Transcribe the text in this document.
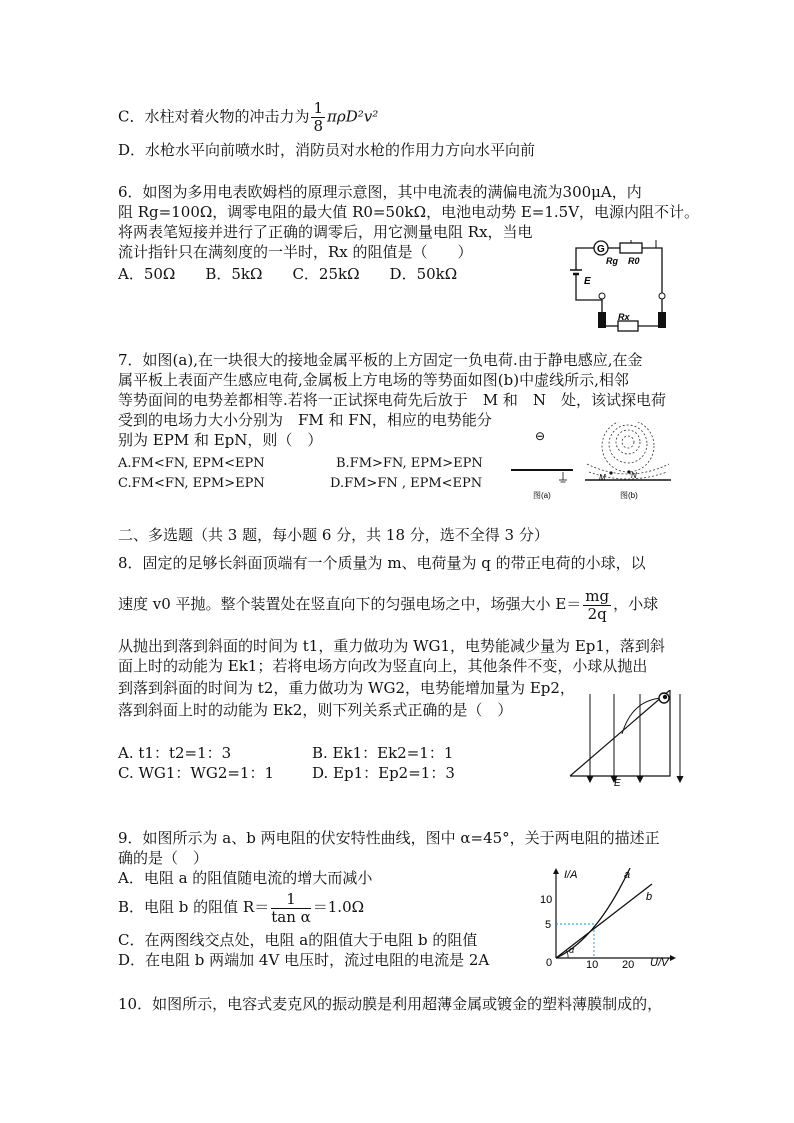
C．水柱对着火物的冲击力为 $\frac{1}{8} \pi\rho D^2v^2$
D．水枪水平向前喷水时，消防员对水枪的作用力方向水平向前
6．如图为多用电表欧姆档的原理示意图，其中电流表的满偏电流为300μA，内
阻 Rg=100Ω，调零电阻的最大值 R0=50kΩ，电池电动势 E=1.5V，电源内阻不计。
将两表笔短接并进行了正确的调零后，用它测量电阻 Rx，当电
流计指针只在满刻度的一半时，Rx 的阻值是（　　）
A．50Ω　　B．5kΩ　　C．25kΩ　　D．50kΩ
G
Rg R0
E
Rx
7．如图(a),在一块很大的接地金属平板的上方固定一负电荷.由于静电感应,在金
属平板上表面产生感应电荷,金属板上方电场的等势面如图(b)中虚线所示,相邻
等势面间的电势差都相等.若将一正试探电荷先后放于　M 和　N　处，该试探电荷
受到的电场力大小分别为　FM 和 FN，相应的电势能分
别为 EPM 和 EpN，则（　）
A.FM<FN, EPM<EPN	B.FM>FN, EPM>EPN
C.FM<FN, EPM>EPN	D.FM>FN , EPM<EPN
⊖
图(a)
M	N
图(b)
二、多选题（共 3 题，每小题 6 分，共 18 分，选不全得 3 分）
8．固定的足够长斜面顶端有一个质量为 m、电荷量为 q 的带正电荷的小球，以
速度 v0 平抛。整个装置处在竖直向下的匀强电场之中，场强大小 $E= \frac{mg}{2q}$ ，小球
从抛出到落到斜面的时间为 t1，重力做功为 WG1，电势能减少量为 Ep1，落到斜
面上时的动能为 Ek1；若将电场方向改为竖直向上，其他条件不变，小球从抛出
到落到斜面的时间为 t2，重力做功为 WG2，电势能增加量为 Ep2，
落到斜面上时的动能为 Ek2，则下列关系式正确的是（　）
A. t1：t2=1：3	B. Ek1：Ek2=1：1
C. WG1：WG2=1：1	D. Ep1：Ep2=1：3
E
9．如图所示为 a、b 两电阻的伏安特性曲线，图中 α=45°，关于两电阻的描述正
确的是（　）
A．电阻 a 的阻值随电流的增大而减小
B．电阻 b 的阻值 $R= \frac{1}{\text{tan α}} =1.0\Omega$
C．在两图线交点处，电阻 a的阻值大于电阻 b 的阻值
D．在电阻 b 两端加 4V 电压时，流过电阻的电流是 2A
I/A
U/V
10
5
10 20
0
α
a
b
10．如图所示，电容式麦克风的振动膜是利用超薄金属或镀金的塑料薄膜制成的，
